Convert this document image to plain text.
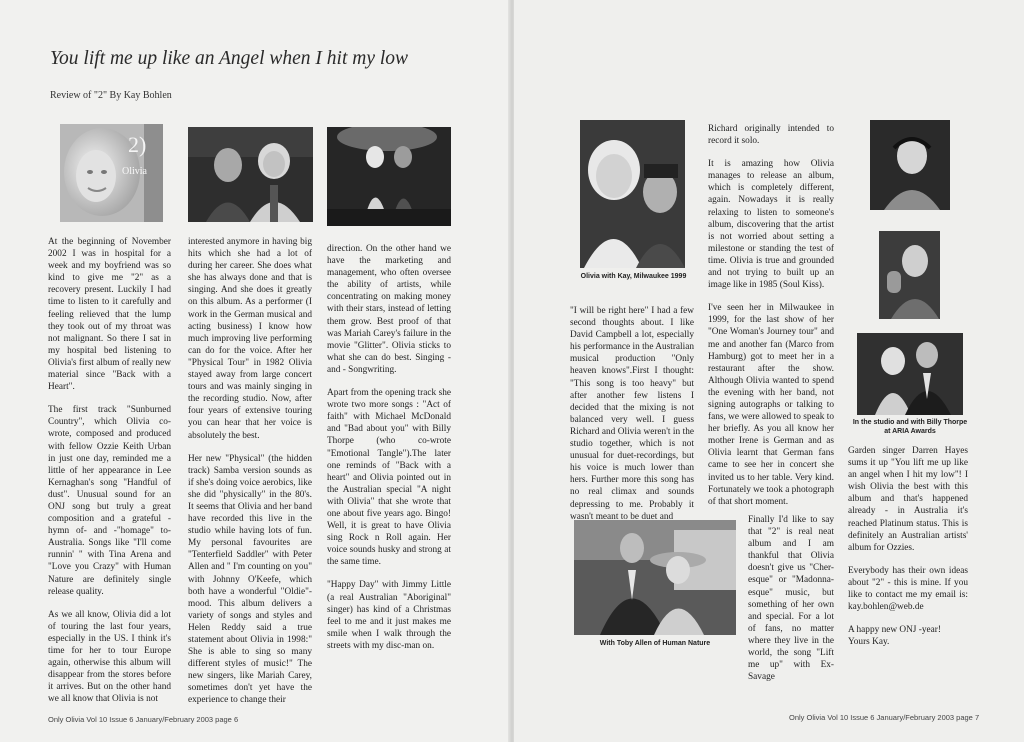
You lift me up like an Angel when I hit my low
Review of "2" By Kay Bohlen
2)
Olivia

At the beginning of November 2002 I was in hospital for a week and my boyfriend was so kind to give me "2" as a recovery present. Luckily I had time to listen to it carefully and feeling relieved that the lump they took out of my throat was not malignant. So there I sat in my hospital bed listening to Olivia's first album of really new material since "Back with a Heart".

The first track "Sunburned Country", which Olivia co-wrote, composed and produced with fellow Ozzie Keith Urban in just one day, reminded me a little of her appearance in Lee Kernaghan's song "Handful of dust". Unusual sound for an ONJ song but truly a great composition and a grateful -hymn of- and -"homage" to-Australia. Songs like "I'll come runnin' " with Tina Arena and "Love you Crazy" with Human Nature are definitely single release quality.

As we all know, Olivia did a lot of touring the last four years, especially in the US. I think it's time for her to tour Europe again, otherwise this album will disappear from the stores before it arrives. But on the other hand we all know that Olivia is not

interested anymore in having big hits which she had a lot of during her career. She does what she has always done and that is singing. And she does it greatly on this album. As a performer (I work in the German musical and acting business) I know how much improving live performing can do for the voice. After her "Physical Tour" in 1982 Olivia stayed away from large concert tours and was mainly singing in the recording studio. Now, after four years of extensive touring you can hear that her voice is absolutely the best.

Her new "Physical" (the hidden track) Samba version sounds as if she's doing voice aerobics, like she did "physically" in the 80's. It seems that Olivia and her band have recorded this live in the studio while having lots of fun. My personal favourites are "Tenterfield Saddler" with Peter Allen and " I'm counting on you" with Johnny O'Keefe, which both have a wonderful "Oldie"-mood. This album delivers a variety of songs and styles and Helen Reddy said a true statement about Olivia in 1998:" She is able to sing so many different styles of music!" The new singers, like Mariah Carey, sometimes don't yet have the experience to change their

direction. On the other hand we have the marketing and management, who often oversee the ability of artists, while concentrating on making money with their stars, instead of letting them grow. Best proof of that was Mariah Carey's failure in the movie "Glitter". Olivia sticks to what she can do best. Singing - and - Songwriting.

Apart from the opening track she wrote two more songs : "Act of faith" with Michael McDonald and "Bad about you" with Billy Thorpe (who co-wrote "Emotional Tangle").The later one reminds of "Back with a heart" and Olivia pointed out in the Australian special "A night with Olivia" that she wrote that one about five years ago. Bingo! Well, it is great to have Olivia sing Rock n Roll again. Her voice sounds husky and strong at the same time.

"Happy Day" with Jimmy Little (a real Australian "Aboriginal" singer) has kind of a Christmas feel to me and it just makes me smile when I walk through the streets with my disc-man on.

Only Olivia Vol 10 Issue 6 January/February 2003 page 6
Olivia with Kay, Milwaukee 1999
With Toby Allen of Human Nature
In the studio and with Billy Thorpe at ARIA Awards

"I will be right here" I had a few second thoughts about. I like David Campbell a lot, especially his performance in the Australian musical production "Only heaven knows".First I thought: "This song is too heavy" but after another few listens I decided that the mixing is not balanced very well. I guess Richard and Olivia weren't in the studio together, which is not unusual for duet-recordings, but his voice is much lower than hers. Further more this song has no real climax and sounds depressing to me. Probably it wasn't meant to be duet and

Richard originally intended to record it solo.

It is amazing how Olivia manages to release an album, which is completely different, again. Nowadays it is really relaxing to listen to someone's album, discovering that the artist is not worried about setting a milestone or standing the test of time. Olivia is true and grounded and not trying to built up an image like in 1985 (Soul Kiss).

I've seen her in Milwaukee in 1999, for the last show of her "One Woman's Journey tour" and me and another fan (Marco from Hamburg) got to meet her in a restaurant after the show. Although Olivia wanted to spend the evening with her band, not signing autographs or talking to fans, we were allowed to speak to her briefly. As you all know her mother Irene is German and as Olivia learnt that German fans came to see her in concert she invited us to her table. Very kind. Fortunately we took a photograph of that short moment.

Finally I'd like to say that "2" is real neat album and I am thankful that Olivia doesn't give us "Cher-esque" or "Madonna-esque" music, but something of her own and special. For a lot of fans, no matter where they live in the world, the song "Lift me up" with Ex-Savage

Garden singer Darren Hayes sums it up "You lift me up like an angel when I hit my low"! I wish Olivia the best with this album and that's happened already - in Australia it's reached Platinum status. This is definitely an Australian artists' album for Ozzies.

Everybody has their own ideas about "2" - this is mine. If you like to contact me my email is: kay.bohlen@web.de

A happy new ONJ -year!
Yours Kay.

Only Olivia Vol 10 Issue 6 January/February 2003 page 7
